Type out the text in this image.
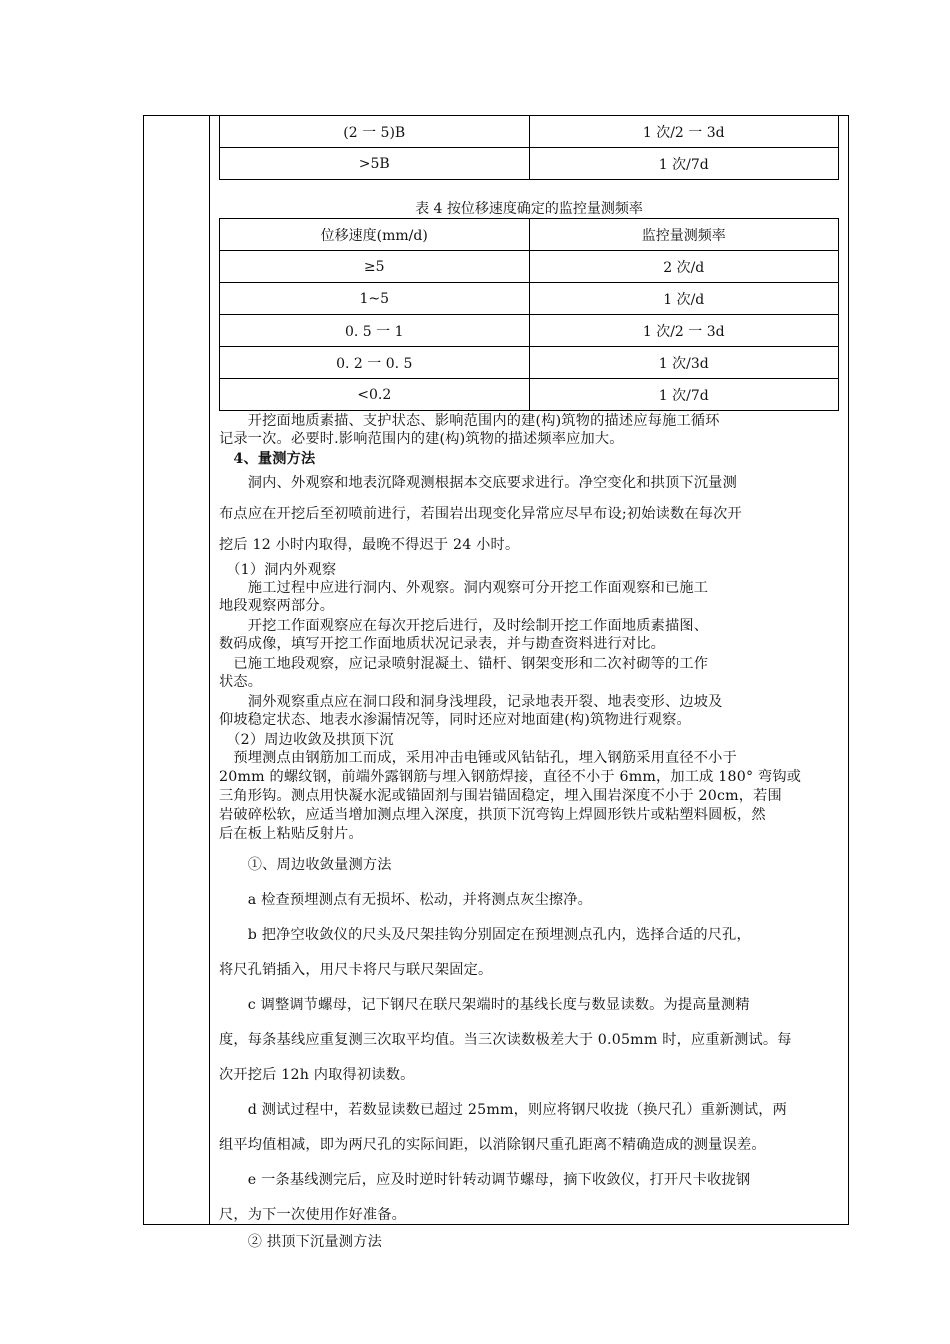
(2 一 5)B	1 次/2 一 3d
>5B	1 次/7d
表 4 按位移速度确定的监控量测频率
位移速度(mm/d)	监控量测频率
≥5	2 次/d
1~5	1 次/d
0. 5 一 1	1 次/2 一 3d
0. 2 一 0. 5	1 次/3d
<0.2	1 次/7d

　　开挖面地质素描、支护状态、影响范围内的建(构)筑物的描述应每施工循环

记录一次。必要时.影响范围内的建(构)筑物的描述频率应加大。

　4、量测方法

　　洞内、外观察和地表沉降观测根据本交底要求进行。净空变化和拱顶下沉量测

布点应在开挖后至初喷前进行，若围岩出现变化异常应尽早布设;初始读数在每次开

挖后 12 小时内取得，最晚不得迟于 24 小时。

　（1）洞内外观察

　　施工过程中应进行洞内、外观察。洞内观察可分开挖工作面观察和已施工

地段观察两部分。

　　开挖工作面观察应在每次开挖后进行，及时绘制开挖工作面地质素描图、

数码成像，填写开挖工作面地质状况记录表，并与勘查资料进行对比。

　已施工地段观察，应记录喷射混凝土、锚杆、钢架变形和二次衬砌等的工作

状态。

　　洞外观察重点应在洞口段和洞身浅埋段，记录地表开裂、地表变形、边坡及

仰坡稳定状态、地表水渗漏情况等，同时还应对地面建(构)筑物进行观察。

　（2）周边收敛及拱顶下沉

　预埋测点由钢筋加工而成，采用冲击电锤或风钻钻孔，埋入钢筋采用直径不小于

20mm 的螺纹钢，前端外露钢筋与埋入钢筋焊接，直径不小于 6mm，加工成 180° 弯钩或

三角形钩。测点用快凝水泥或锚固剂与围岩锚固稳定，埋入围岩深度不小于 20cm，若围

岩破碎松软，应适当增加测点埋入深度，拱顶下沉弯钩上焊圆形铁片或粘塑料圆板，然

后在板上粘贴反射片。

　　①、周边收敛量测方法

　　a 检查预埋测点有无损坏、松动，并将测点灰尘擦净。

　　b 把净空收敛仪的尺头及尺架挂钩分别固定在预埋测点孔内，选择合适的尺孔，

将尺孔销插入，用尺卡将尺与联尺架固定。

　　c 调整调节螺母，记下钢尺在联尺架端时的基线长度与数显读数。为提高量测精

度，每条基线应重复测三次取平均值。当三次读数极差大于 0.05mm 时，应重新测试。每

次开挖后 12h 内取得初读数。

　　d 测试过程中，若数显读数已超过 25mm，则应将钢尺收拢（换尺孔）重新测试，两

组平均值相减，即为两尺孔的实际间距，以消除钢尺重孔距离不精确造成的测量误差。

　　e 一条基线测完后，应及时逆时针转动调节螺母，摘下收敛仪，打开尺卡收拢钢

尺，为下一次使用作好准备。

　　② 拱顶下沉量测方法
